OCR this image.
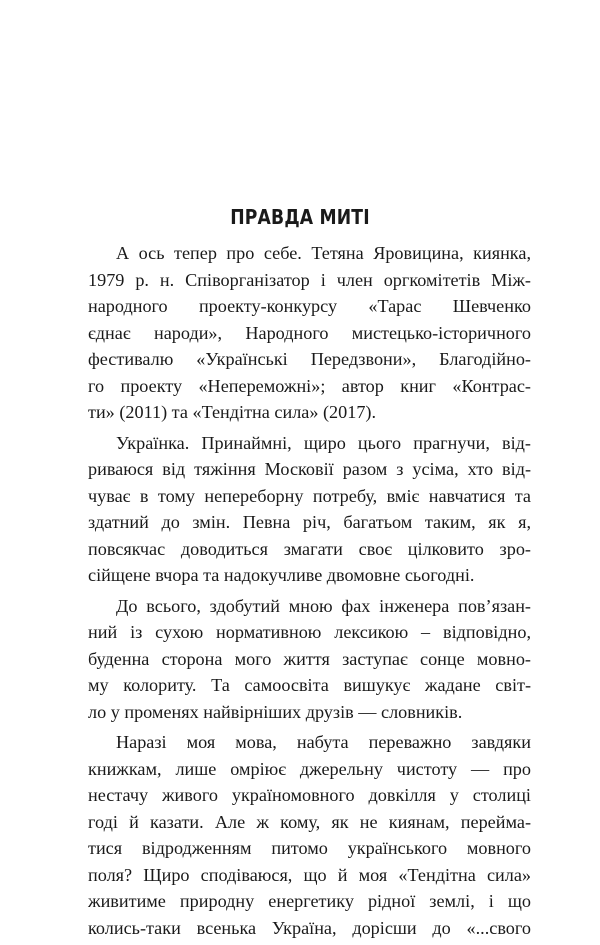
ПРАВДА МИТІ

А ось тепер про себе. Тетяна Яровицина, киянка,
1979 р. н. Співорганізатор і член оргкомітетів Між-
народного проекту-конкурсу «Тарас Шевченко
єднає народи», Народного мистецько-історичного
фестивалю «Українські Передзвони», Благодійно-
го проекту «Непереможні»; автор книг «Контрас-
ти» (2011) та «Тендітна сила» (2017).

Українка. Принаймні, щиро цього прагнучи, від-
риваюся від тяжіння Московії разом з усіма, хто від-
чуває в тому непереборну потребу, вміє навчатися та
здатний до змін. Певна річ, багатьом таким, як я,
повсякчас доводиться змагати своє цілковито зро-
сійщене вчора та надокучливе двомовне сьогодні.

До всього, здобутий мною фах інженера пов’язан-
ний із сухою нормативною лексикою – відповідно,
буденна сторона мого життя заступає сонце мовно-
му колориту. Та самоосвіта вишукує жадане світ-
ло у променях найвірніших друзів — словників.

Наразі моя мова, набута переважно завдяки
книжкам, лише омріює джерельну чистоту — про
нестачу живого україномовного довкілля у столиці
годі й казати. Але ж кому, як не киянам, перейма-
тися відродженням питомо українського мовного
поля? Щиро сподіваюся, що й моя «Тендітна сила»
живитиме природну енергетику рідної землі, і що
колись-таки всенька Україна, дорісши до «...свого
